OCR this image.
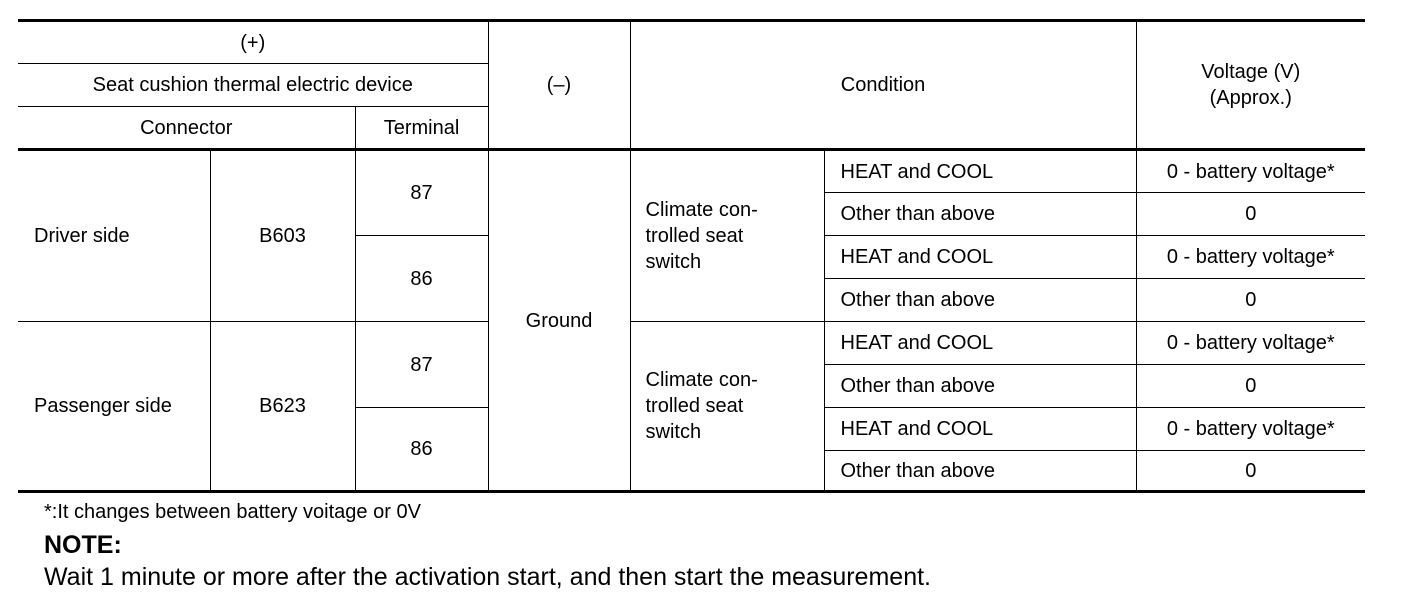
(+)			(–)	Condition		Voltage (V)
(Approx.)

Seat cushion thermal electric device						
Connector		Terminal				
Driver side	B603	87	Ground	Climate con-
trolled seat
switch	HEAT and COOL	0 - battery voltage*
					Other than above	0
		86			HEAT and COOL	0 - battery voltage*
					Other than above	0
Passenger side	B623	87		Climate con-
trolled seat
switch	HEAT and COOL	0 - battery voltage*
					Other than above	0
		86			HEAT and COOL	0 - battery voltage*
					Other than above	0
*:It changes between battery voitage or 0V
NOTE:
Wait 1 minute or more after the activation start, and then start the measurement.
